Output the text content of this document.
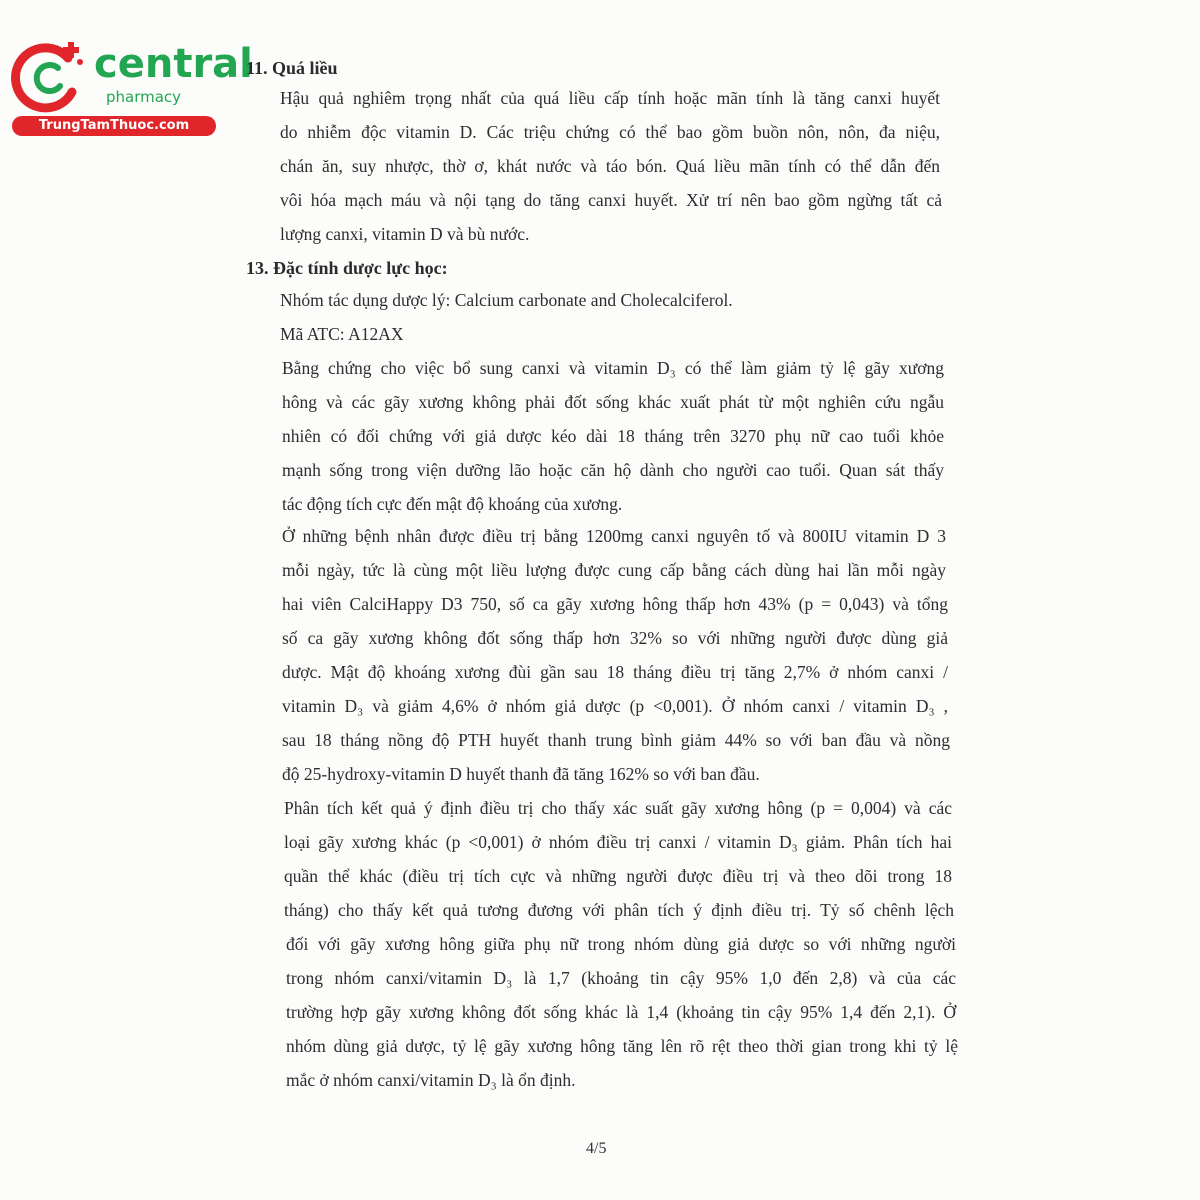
central
pharmacy
TrungTamThuoc.com
11. Quá liều
Hậu quả nghiêm trọng nhất của quá liều cấp tính hoặc mãn tính là tăng canxi huyết
do nhiễm độc vitamin D. Các triệu chứng có thể bao gồm buồn nôn, nôn, đa niệu,
chán ăn, suy nhược, thờ ơ, khát nước và táo bón. Quá liều mãn tính có thể dẫn đến
vôi hóa mạch máu và nội tạng do tăng canxi huyết. Xử trí nên bao gồm ngừng tất cả
lượng canxi, vitamin D và bù nước.
13. Đặc tính dược lực học:
Nhóm tác dụng dược lý: Calcium carbonate and Cholecalciferol.
Mã ATC: A12AX
Bằng chứng cho việc bổ sung canxi và vitamin D₃ có thể làm giảm tỷ lệ gãy xương
hông và các gãy xương không phải đốt sống khác xuất phát từ một nghiên cứu ngẫu
nhiên có đối chứng với giả dược kéo dài 18 tháng trên 3270 phụ nữ cao tuổi khỏe
mạnh sống trong viện dưỡng lão hoặc căn hộ dành cho người cao tuổi. Quan sát thấy
tác động tích cực đến mật độ khoáng của xương.
Ở những bệnh nhân được điều trị bằng 1200mg canxi nguyên tố và 800IU vitamin D 3
mỗi ngày, tức là cùng một liều lượng được cung cấp bằng cách dùng hai lần mỗi ngày
hai viên CalciHappy D3 750, số ca gãy xương hông thấp hơn 43% (p = 0,043) và tổng
số ca gãy xương không đốt sống thấp hơn 32% so với những người được dùng giả
dược. Mật độ khoáng xương đùi gần sau 18 tháng điều trị tăng 2,7% ở nhóm canxi /
vitamin D₃ và giảm 4,6% ở nhóm giả dược (p <0,001). Ở nhóm canxi / vitamin D₃ ,
sau 18 tháng nồng độ PTH huyết thanh trung bình giảm 44% so với ban đầu và nồng
độ 25-hydroxy-vitamin D huyết thanh đã tăng 162% so với ban đầu.
Phân tích kết quả ý định điều trị cho thấy xác suất gãy xương hông (p = 0,004) và các
loại gãy xương khác (p <0,001) ở nhóm điều trị canxi / vitamin D₃ giảm. Phân tích hai
quần thể khác (điều trị tích cực và những người được điều trị và theo dõi trong 18
tháng) cho thấy kết quả tương đương với phân tích ý định điều trị. Tỷ số chênh lệch
đối với gãy xương hông giữa phụ nữ trong nhóm dùng giả dược so với những người
trong nhóm canxi/vitamin D₃ là 1,7 (khoảng tin cậy 95% 1,0 đến 2,8) và của các
trường hợp gãy xương không đốt sống khác là 1,4 (khoảng tin cậy 95% 1,4 đến 2,1). Ở
nhóm dùng giả dược, tỷ lệ gãy xương hông tăng lên rõ rệt theo thời gian trong khi tỷ lệ
mắc ở nhóm canxi/vitamin D₃ là ổn định.
4/5
